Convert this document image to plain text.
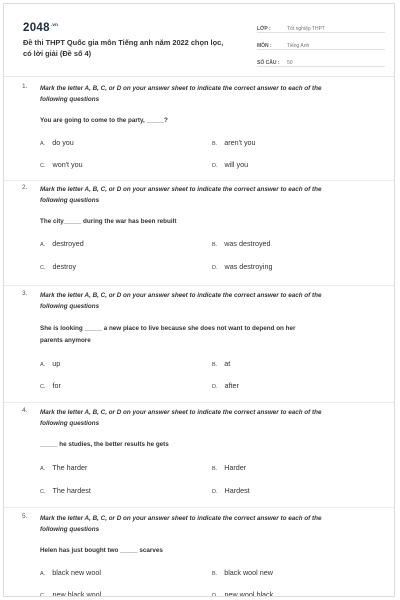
$2048^{.vn}$
Đề thi THPT Quốc gia môn Tiếng anh năm 2022 chọn lọc,
có lời giải (Đề số 4)
LỚP :	Tốt nghiệp THPT
MÔN :	Tiếng Anh
SỐ CÂU :	50
1. Mark the letter A, B, C, or D on your answer sheet to indicate the correct answer to each of the
following questions
You are going to come to the party, _____?
A. do you	B. aren't you
C. won't you	D. will you
2. Mark the letter A, B, C, or D on your answer sheet to indicate the correct answer to each of the
following questions
The city_____ during the war has been rebuilt
A. destroyed	B. was destroyed
C. destroy	D. was destroying
3. Mark the letter A, B, C, or D on your answer sheet to indicate the correct answer to each of the
following questions
She is looking _____ a new place to live because she does not want to depend on her
parents anymore
A. up	B. at
C. for	D. after
4. Mark the letter A, B, C, or D on your answer sheet to indicate the correct answer to each of the
following questions
_____ he studies, the better results he gets
A. The harder	B. Harder
C. The hardest	D. Hardest
5. Mark the letter A, B, C, or D on your answer sheet to indicate the correct answer to each of the
following questions
Helen has just bought two _____ scarves
A. black new wool	B. black wool new
C. new black wool	D. new wool black
